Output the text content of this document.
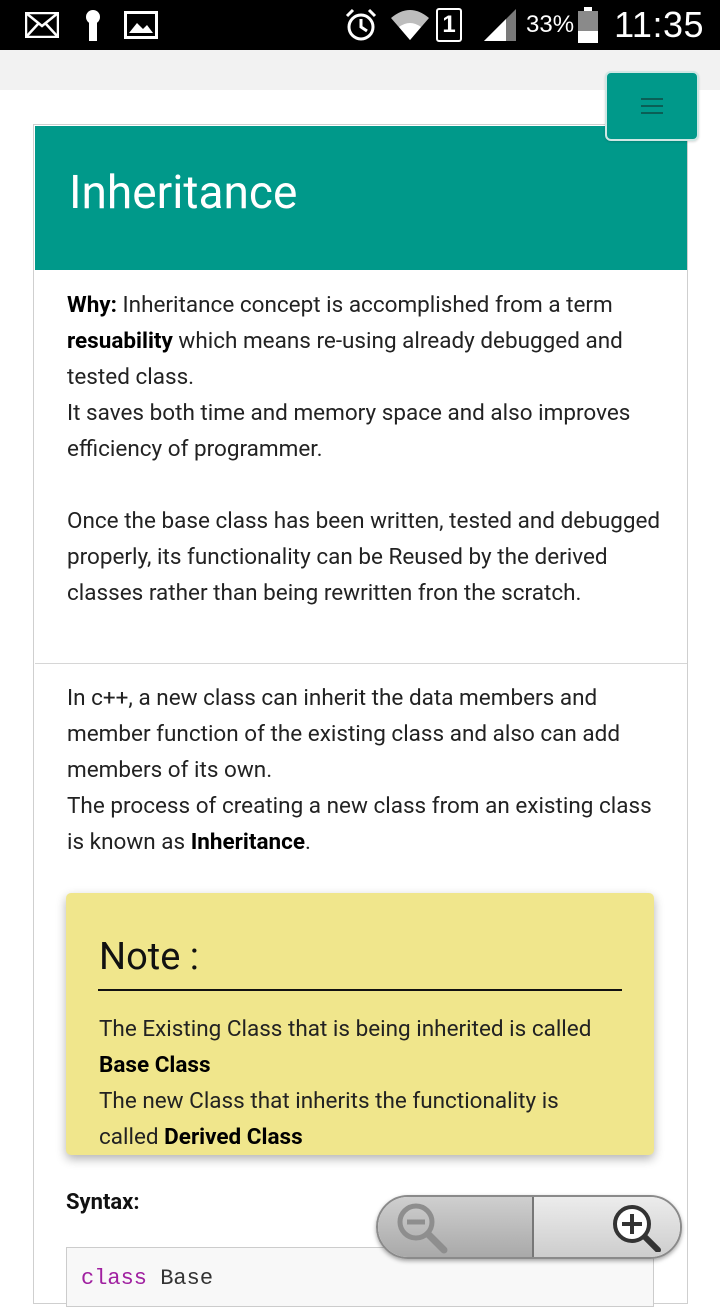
1	33% 11:35
Inheritance
Why: Inheritance concept is accomplished from a term resuability which means re-using already debugged and tested class.
It saves both time and memory space and also improves efficiency of programmer.
Once the base class has been written, tested and debugged properly, its functionality can be Reused by the derived classes rather than being rewritten fron the scratch.
In c++, a new class can inherit the data members and member function of the existing class and also can add members of its own.
The process of creating a new class from an existing class is known as Inheritance.
Note :
The Existing Class that is being inherited is called Base Class
The new Class that inherits the functionality is called Derived Class
Syntax:
class Base
